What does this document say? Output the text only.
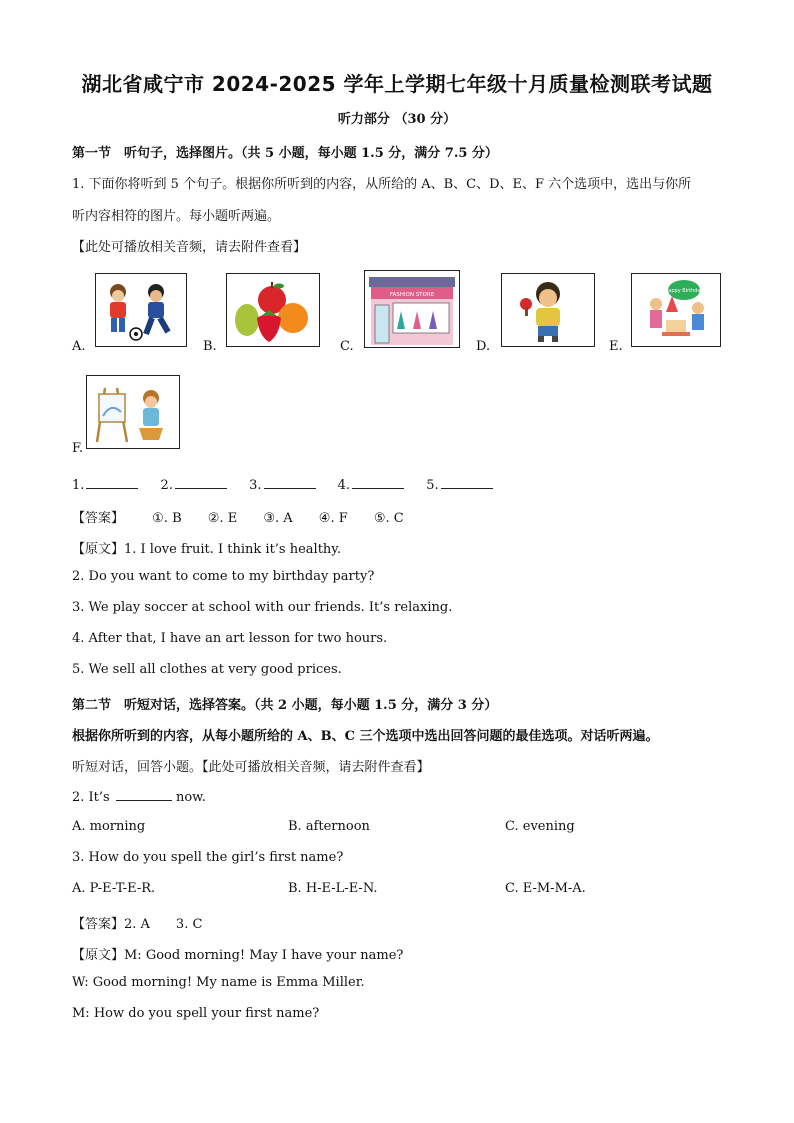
湖北省咸宁市 2024-2025 学年上学期七年级十月质量检测联考试题
听力部分 （30 分）
第一节　听句子，选择图片。（共 5 小题，每小题 1.5 分，满分 7.5 分）
1. 下面你将听到 5 个句子。根据你所听到的内容，从所给的 A、B、C、D、E、F 六个选项中，选出与你所
听内容相符的图片。每小题听两遍。
【此处可播放相关音频，请去附件查看】
A.	B.	C.
FASHION STORE
D.	E.
Happy Birthday
F.
1.	2.	3.	4.	5.
【答案】 ①. B ②. E ③. A ④. F ⑤. C
【原文】1. I love fruit. I think it’s healthy.
2. Do you want to come to my birthday party?
3. We play soccer at school with our friends. It’s relaxing.
4. After that, I have an art lesson for two hours.
5. We sell all clothes at very good prices.
第二节　听短对话，选择答案。（共 2 小题，每小题 1.5 分，满分 3 分）
根据你所听到的内容，从每小题所给的 A、B、C 三个选项中选出回答问题的最佳选项。对话听两遍。
听短对话，回答小题。【此处可播放相关音频，请去附件查看】
2. It’s	now.
A. morning	B. afternoon	C. evening
3. How do you spell the girl’s first name?
A. P-E-T-E-R.	B. H-E-L-E-N.	C. E-M-M-A.
【答案】2. A　　3. C
【原文】M: Good morning! May I have your name?
W: Good morning! My name is Emma Miller.
M: How do you spell your first name?
